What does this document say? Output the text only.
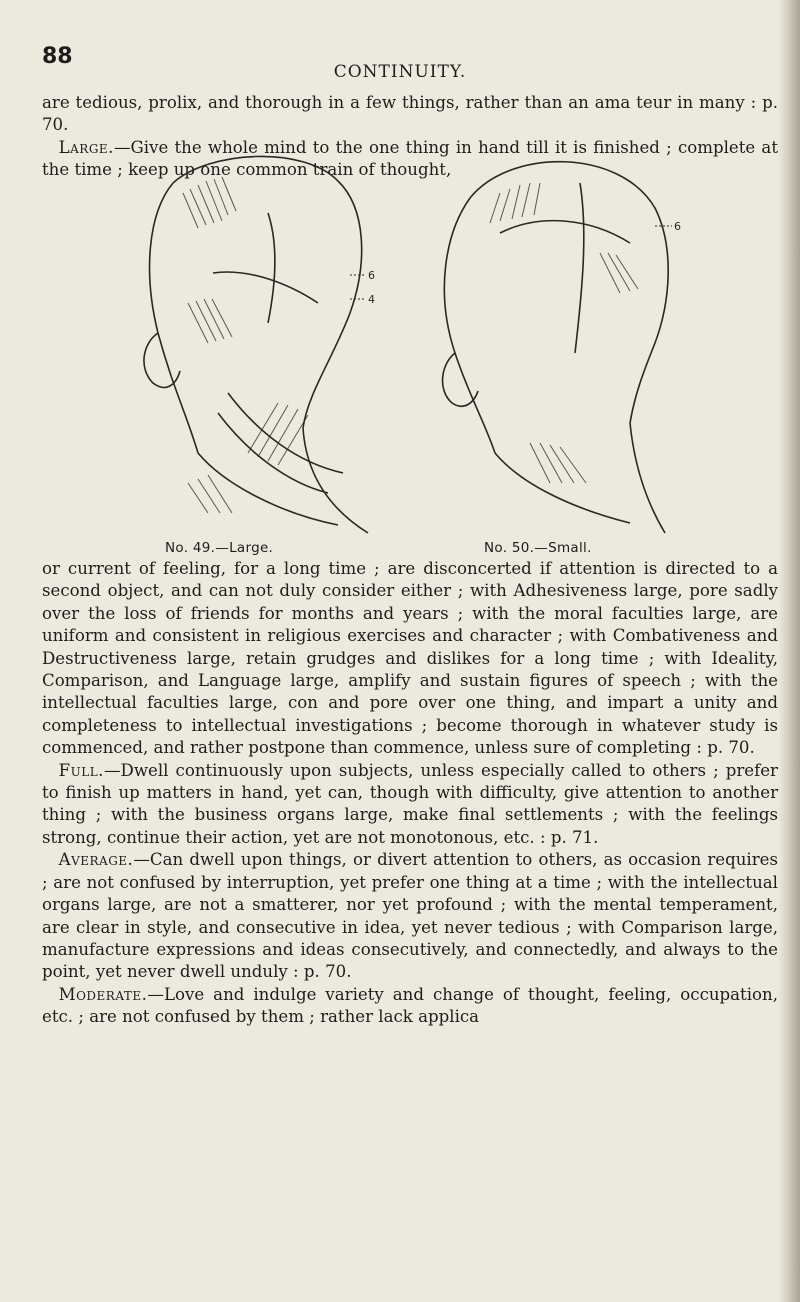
88
CONTINUITY.

are tedious, prolix, and thorough in a few things, rather than an ama teur in many : p. 70.
 Large.—Give the whole mind to the one thing in hand till it is finished ; complete at the time ; keep up one common train of thought,

6
4
6
No. 49.—Large.	No. 50.—Small.

or current of feeling, for a long time ; are disconcerted if attention is directed to a second object, and can not duly consider either ; with Adhesiveness large, pore sadly over the loss of friends for months and years ; with the moral faculties large, are uniform and consistent in religious exercises and character ; with Combativeness and Destructiveness large, retain grudges and dislikes for a long time ; with Ideality, Comparison, and Language large, amplify and sustain figures of speech ; with the intellectual faculties large, con and pore over one thing, and impart a unity and completeness to intellectual investigations ; become thorough in whatever study is commenced, and rather postpone than commence, unless sure of completing : p. 70.
 Full.—Dwell continuously upon subjects, unless especially called to others ; prefer to finish up matters in hand, yet can, though with difficulty, give attention to another thing ; with the business organs large, make final settlements ; with the feelings strong, continue their action, yet are not monotonous, etc. : p. 71.
 Average.—Can dwell upon things, or divert attention to others, as occasion requires ; are not confused by interruption, yet prefer one thing at a time ; with the intellectual organs large, are not a smatterer, nor yet profound ; with the mental temperament, are clear in style, and consecutive in idea, yet never tedious ; with Comparison large, manufacture expressions and ideas consecutively, and connectedly, and always to the point, yet never dwell unduly : p. 70.
 Moderate.—Love and indulge variety and change of thought, feeling, occupation, etc. ; are not confused by them ; rather lack applica
